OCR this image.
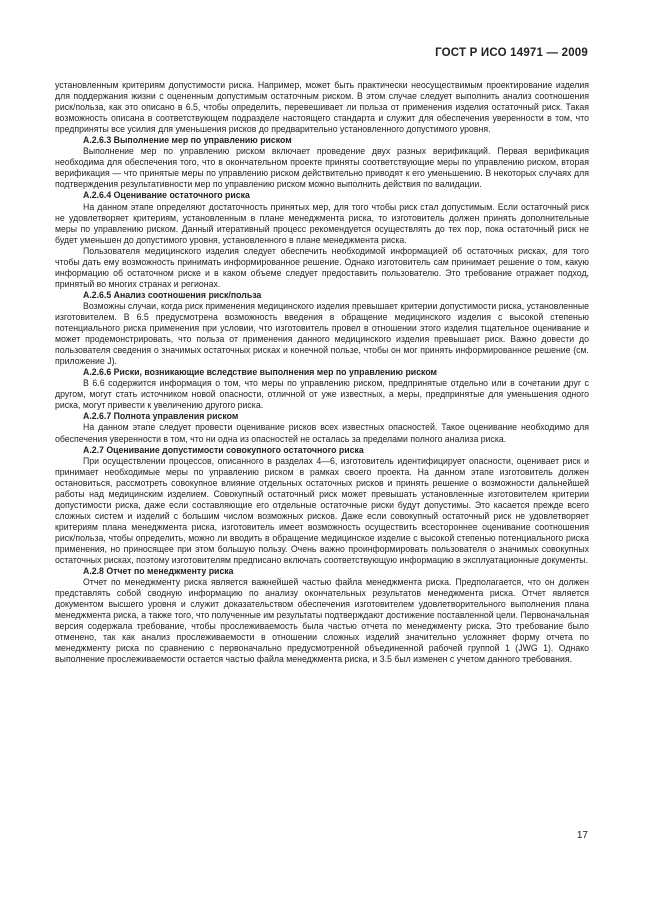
ГОСТ Р ИСО 14971 — 2009

установленным критериям допустимости риска. Например, может быть практически неосуществимым проектирование изделия для поддержания жизни с оцененным допустимым остаточным риском. В этом случае следует выполнить анализ соотношения риск/польза, как это описано в 6.5, чтобы определить, перевешивает ли польза от применения изделия остаточный риск. Такая возможность описана в соответствующем подразделе настоящего стандарта и служит для обеспечения уверенности в том, что предприняты все усилия для уменьшения рисков до предварительно установленного допустимого уровня.

A.2.6.3 Выполнение мер по управлению риском

Выполнение мер по управлению риском включает проведение двух разных верификаций. Первая верификация необходима для обеспечения того, что в окончательном проекте приняты соответствующие меры по управлению риском, вторая верификация — что принятые меры по управлению риском действительно приводят к его уменьшению. В некоторых случаях для подтверждения результативности мер по управлению риском можно выполнить действия по валидации.

A.2.6.4 Оценивание остаточного риска

На данном этапе определяют достаточность принятых мер, для того чтобы риск стал допустимым. Если остаточный риск не удовлетворяет критериям, установленным в плане менеджмента риска, то изготовитель должен принять дополнительные меры по управлению риском. Данный итеративный процесс рекомендуется осуществлять до тех пор, пока остаточный риск не будет уменьшен до допустимого уровня, установленного в плане менеджмента риска.

Пользователя медицинского изделия следует обеспечить необходимой информацией об остаточных рисках, для того чтобы дать ему возможность принимать информированное решение. Однако изготовитель сам принимает решение о том, какую информацию об остаточном риске и в каком объеме следует предоставить пользователю. Это требование отражает подход, принятый во многих странах и регионах.

A.2.6.5 Анализ соотношения риск/польза

Возможны случаи, когда риск применения медицинского изделия превышает критерии допустимости риска, установленные изготовителем. В 6.5 предусмотрена возможность введения в обращение медицинского изделия с высокой степенью потенциального риска применения при условии, что изготовитель провел в отношении этого изделия тщательное оценивание и может продемонстрировать, что польза от применения данного медицинского изделия превышает риск. Важно довести до пользователя сведения о значимых остаточных рисках и конечной пользе, чтобы он мог принять информированное решение (см. приложение J).

A.2.6.6 Риски, возникающие вследствие выполнения мер по управлению риском

В 6.6 содержится информация о том, что меры по управлению риском, предпринятые отдельно или в сочетании друг с другом, могут стать источником новой опасности, отличной от уже известных, а меры, предпринятые для уменьшения одного риска, могут привести к увеличению другого риска.

A.2.6.7 Полнота управления риском

На данном этапе следует провести оценивание рисков всех известных опасностей. Такое оценивание необходимо для обеспечения уверенности в том, что ни одна из опасностей не осталась за пределами полного анализа риска.

A.2.7 Оценивание допустимости совокупного остаточного риска

При осуществлении процессов, описанного в разделах 4—6, изготовитель идентифицирует опасности, оценивает риск и принимает необходимые меры по управлению риском в рамках своего проекта. На данном этапе изготовитель должен остановиться, рассмотреть совокупное влияние отдельных остаточных рисков и принять решение о возможности дальнейшей работы над медицинским изделием. Совокупный остаточный риск может превышать установленные изготовителем критерии допустимости риска, даже если составляющие его отдельные остаточные риски будут допустимы. Это касается прежде всего сложных систем и изделий с большим числом возможных рисков. Даже если совокупный остаточный риск не удовлетворяет критериям плана менеджмента риска, изготовитель имеет возможность осуществить всестороннее оценивание соотношения риск/польза, чтобы определить, можно ли вводить в обращение медицинское изделие с высокой степенью потенциального риска применения, но приносящее при этом большую пользу. Очень важно проинформировать пользователя о значимых совокупных остаточных рисках, поэтому изготовителям предписано включать соответствующую информацию в эксплуатационные документы.

A.2.8 Отчет по менеджменту риска

Отчет по менеджменту риска является важнейшей частью файла менеджмента риска. Предполагается, что он должен представлять собой сводную информацию по анализу окончательных результатов менеджмента риска. Отчет является документом высшего уровня и служит доказательством обеспечения изготовителем удовлетворительного выполнения плана менеджмента риска, а также того, что полученные им результаты подтверждают достижение поставленной цели. Первоначальная версия содержала требование, чтобы прослеживаемость была частью отчета по менеджменту риска. Это требование было отменено, так как анализ прослеживаемости в отношении сложных изделий значительно усложняет форму отчета по менеджменту риска по сравнению с первоначально предусмотренной объединенной рабочей группой 1 (JWG 1). Однако выполнение прослеживаемости остается частью файла менеджмента риска, и 3.5 был изменен с учетом данного требования.

17
